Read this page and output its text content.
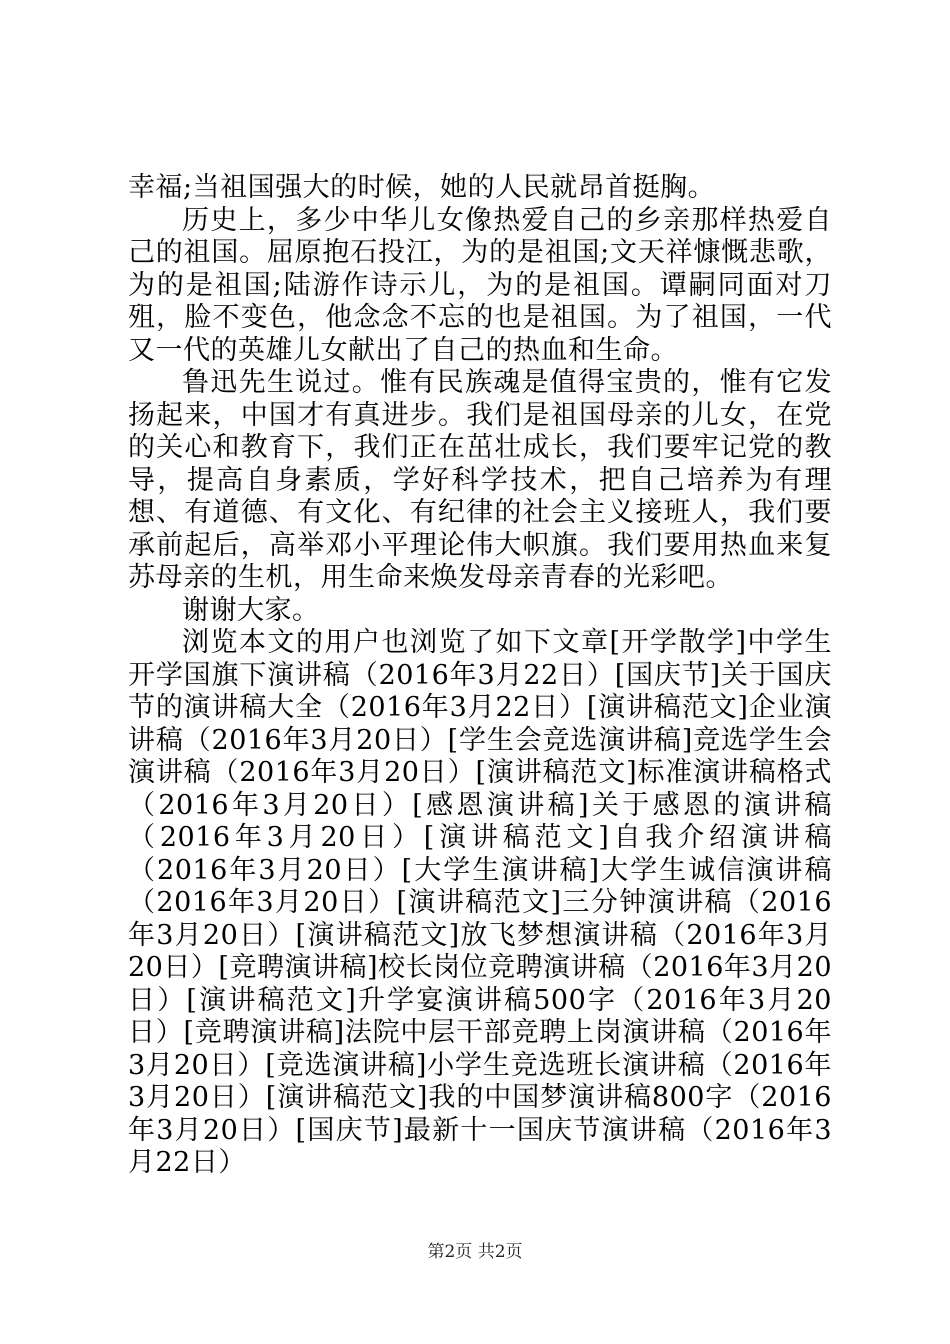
幸福;当祖国强大的时候，她的人民就昂首挺胸。

历史上，多少中华儿女像热爱自己的乡亲那样热爱自己的祖国。屈原抱石投江，为的是祖国;文天祥慷慨悲歌，为的是祖国;陆游作诗示儿，为的是祖国。谭嗣同面对刀殂，脸不变色，他念念不忘的也是祖国。为了祖国，一代又一代的英雄儿女献出了自己的热血和生命。

鲁迅先生说过。惟有民族魂是值得宝贵的，惟有它发扬起来，中国才有真进步。我们是祖国母亲的儿女，在党的关心和教育下，我们正在茁壮成长，我们要牢记党的教导，提高自身素质，学好科学技术，把自己培养为有理想、有道德、有文化、有纪律的社会主义接班人，我们要承前起后，高举邓小平理论伟大帜旗。我们要用热血来复苏母亲的生机，用生命来焕发母亲青春的光彩吧。

谢谢大家。

浏览本文的用户也浏览了如下文章[开学散学]中学生开学国旗下演讲稿（2016年3月22日）[国庆节]关于国庆节的演讲稿大全（2016年3月22日）[演讲稿范文]企业演讲稿（2016年3月20日）[学生会竞选演讲稿]竞选学生会演讲稿（2016年3月20日）[演讲稿范文]标准演讲稿格式（2016年3月20日）[感恩演讲稿]关于感恩的演讲稿（2016年3月20日）[演讲稿范文]自我介绍演讲稿（2016年3月20日）[大学生演讲稿]大学生诚信演讲稿（2016年3月20日）[演讲稿范文]三分钟演讲稿（2016年3月20日）[演讲稿范文]放飞梦想演讲稿（2016年3月20日）[竞聘演讲稿]校长岗位竞聘演讲稿（2016年3月20日）[演讲稿范文]升学宴演讲稿500字（2016年3月20日）[竞聘演讲稿]法院中层干部竞聘上岗演讲稿（2016年3月20日）[竞选演讲稿]小学生竞选班长演讲稿（2016年3月20日）[演讲稿范文]我的中国梦演讲稿800字（2016年3月20日）[国庆节]最新十一国庆节演讲稿（2016年3月22日）

第2页 共2页
